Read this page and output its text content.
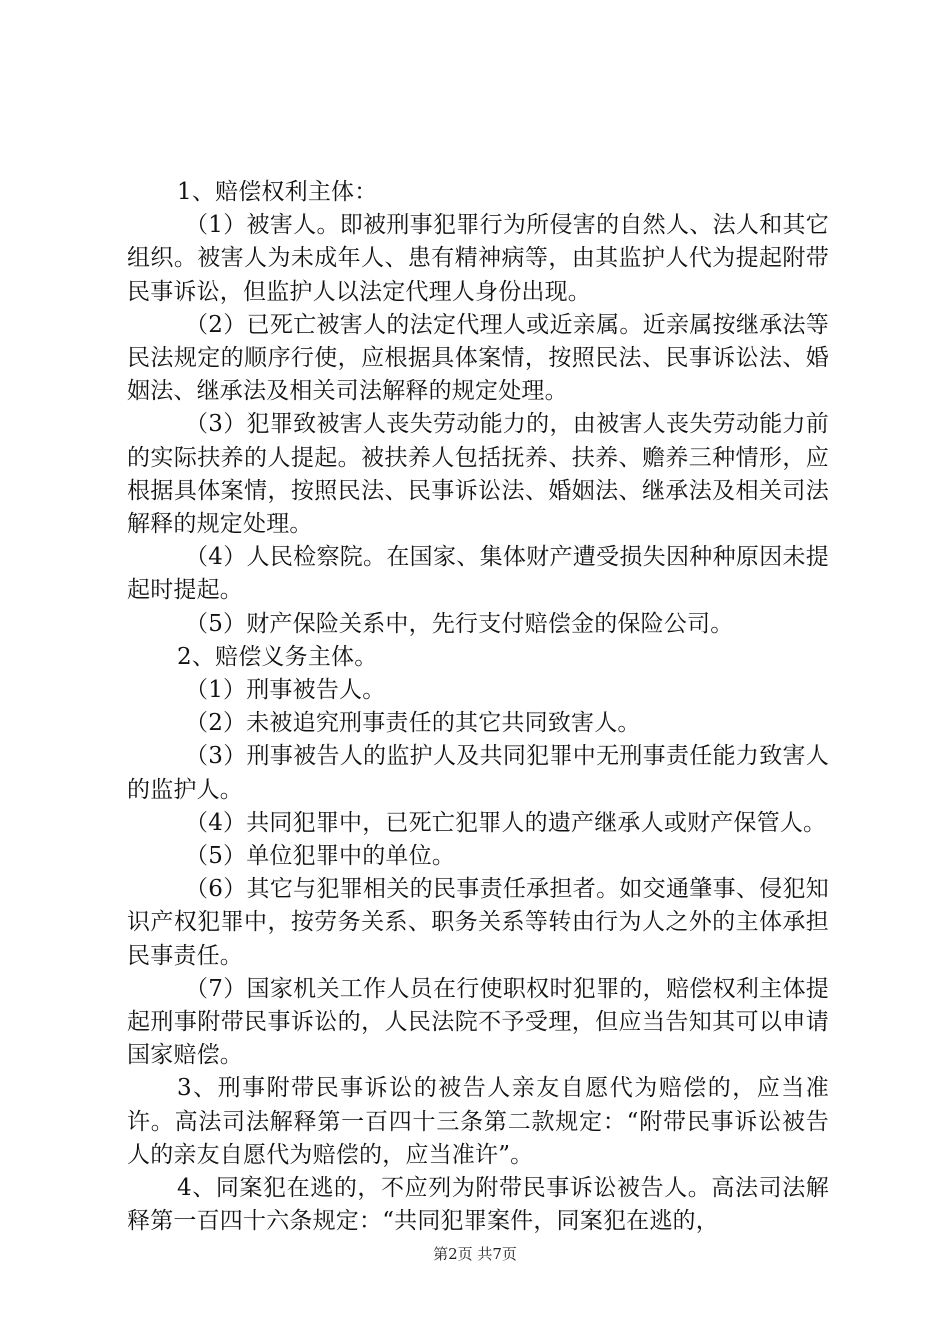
1、赔偿权利主体：

（1）被害人。即被刑事犯罪行为所侵害的自然人、法人和其它组织。被害人为未成年人、患有精神病等，由其监护人代为提起附带民事诉讼，但监护人以法定代理人身份出现。

（2）已死亡被害人的法定代理人或近亲属。近亲属按继承法等民法规定的顺序行使，应根据具体案情，按照民法、民事诉讼法、婚姻法、继承法及相关司法解释的规定处理。

（3）犯罪致被害人丧失劳动能力的，由被害人丧失劳动能力前的实际扶养的人提起。被扶养人包括抚养、扶养、赡养三种情形，应根据具体案情，按照民法、民事诉讼法、婚姻法、继承法及相关司法解释的规定处理。

（4）人民检察院。在国家、集体财产遭受损失因种种原因未提起时提起。

（5）财产保险关系中，先行支付赔偿金的保险公司。

2、赔偿义务主体。

（1）刑事被告人。

（2）未被追究刑事责任的其它共同致害人。

（3）刑事被告人的监护人及共同犯罪中无刑事责任能力致害人的监护人。

（4）共同犯罪中，已死亡犯罪人的遗产继承人或财产保管人。

（5）单位犯罪中的单位。

（6）其它与犯罪相关的民事责任承担者。如交通肇事、侵犯知识产权犯罪中，按劳务关系、职务关系等转由行为人之外的主体承担民事责任。

（7）国家机关工作人员在行使职权时犯罪的，赔偿权利主体提起刑事附带民事诉讼的，人民法院不予受理，但应当告知其可以申请国家赔偿。

3、刑事附带民事诉讼的被告人亲友自愿代为赔偿的，应当准许。高法司法解释第一百四十三条第二款规定：“附带民事诉讼被告人的亲友自愿代为赔偿的，应当准许”。

4、同案犯在逃的，不应列为附带民事诉讼被告人。高法司法解释第一百四十六条规定：“共同犯罪案件，同案犯在逃的，

第2页 共7页
